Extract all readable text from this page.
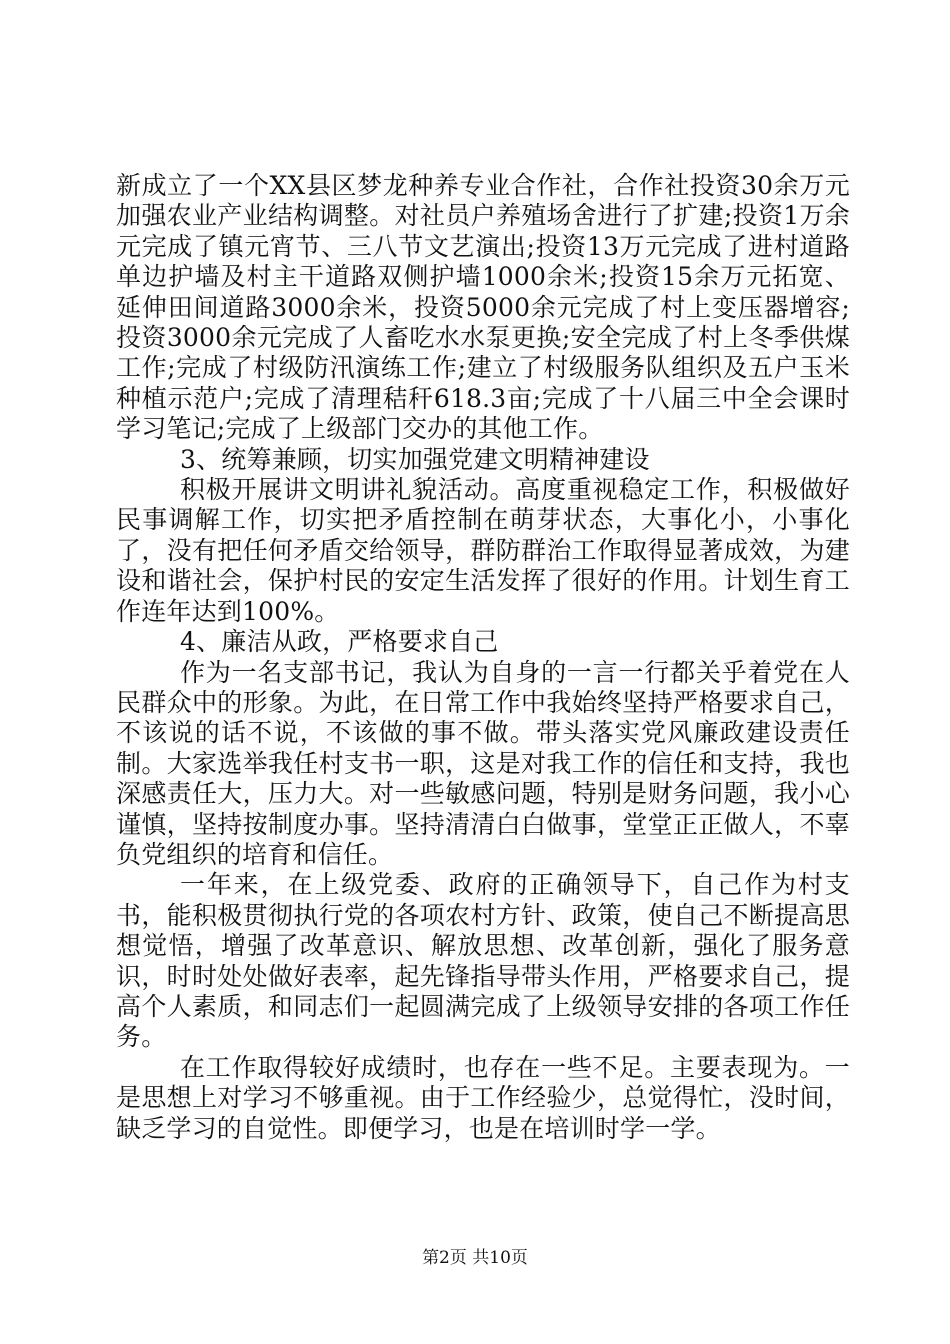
新成立了一个XX县区梦龙种养专业合作社，合作社投资30余万元加强农业产业结构调整。对社员户养殖场舍进行了扩建;投资1万余元完成了镇元宵节、三八节文艺演出;投资13万元完成了进村道路单边护墙及村主干道路双侧护墙1000余米;投资15余万元拓宽、延伸田间道路3000余米，投资5000余元完成了村上变压器增容;投资3000余元完成了人畜吃水水泵更换;安全完成了村上冬季供煤工作;完成了村级防汛演练工作;建立了村级服务队组织及五户玉米种植示范户;完成了清理秸秆618.3亩;完成了十八届三中全会课时学习笔记;完成了上级部门交办的其他工作。

3、统筹兼顾，切实加强党建文明精神建设

积极开展讲文明讲礼貌活动。高度重视稳定工作，积极做好民事调解工作，切实把矛盾控制在萌芽状态，大事化小，小事化了，没有把任何矛盾交给领导，群防群治工作取得显著成效，为建设和谐社会，保护村民的安定生活发挥了很好的作用。计划生育工作连年达到100%。

4、廉洁从政，严格要求自己

作为一名支部书记，我认为自身的一言一行都关乎着党在人民群众中的形象。为此，在日常工作中我始终坚持严格要求自己，不该说的话不说，不该做的事不做。带头落实党风廉政建设责任制。大家选举我任村支书一职，这是对我工作的信任和支持，我也深感责任大，压力大。对一些敏感问题，特别是财务问题，我小心谨慎，坚持按制度办事。坚持清清白白做事，堂堂正正做人，不辜负党组织的培育和信任。

一年来，在上级党委、政府的正确领导下，自己作为村支书，能积极贯彻执行党的各项农村方针、政策，使自己不断提高思想觉悟，增强了改革意识、解放思想、改革创新，强化了服务意识，时时处处做好表率，起先锋指导带头作用，严格要求自己，提高个人素质，和同志们一起圆满完成了上级领导安排的各项工作任务。

在工作取得较好成绩时，也存在一些不足。主要表现为。一是思想上对学习不够重视。由于工作经验少，总觉得忙，没时间，缺乏学习的自觉性。即便学习，也是在培训时学一学。

第2页 共10页
